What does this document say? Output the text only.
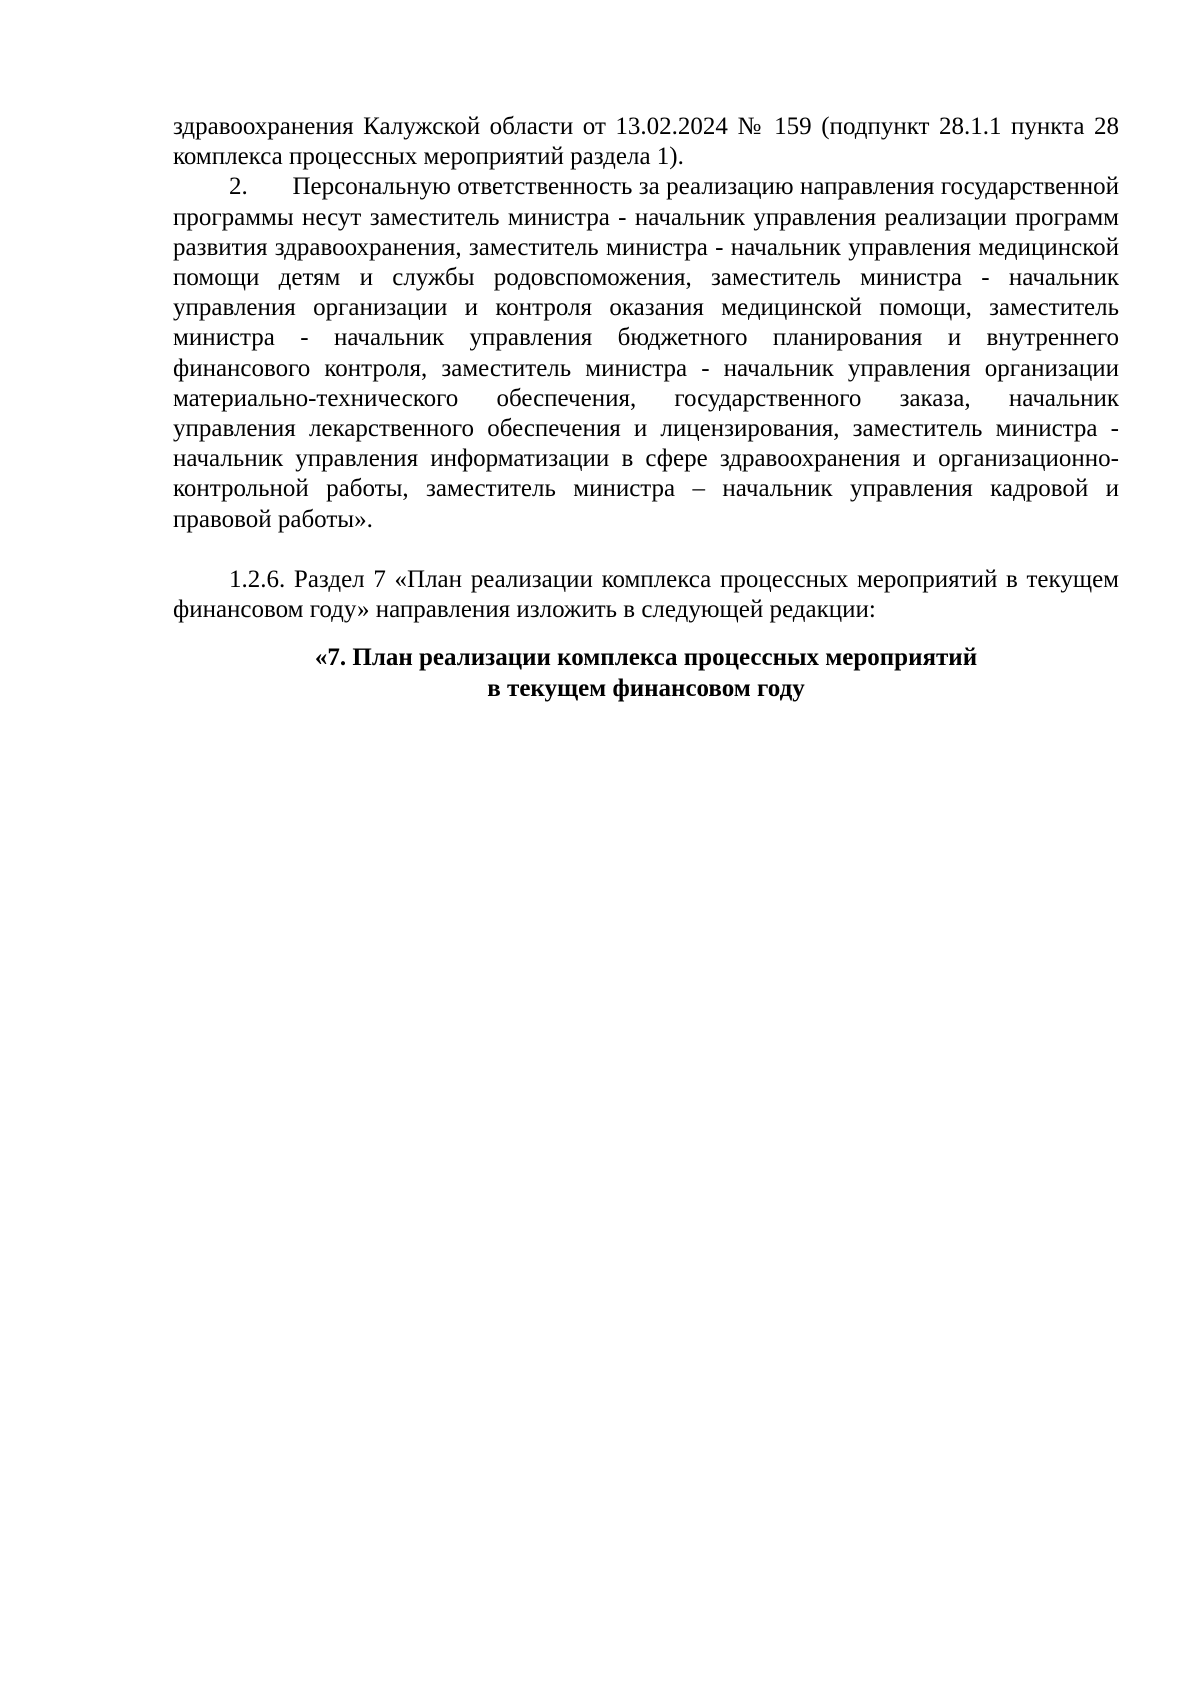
здравоохранения Калужской области от 13.02.2024 № 159 (подпункт 28.1.1 пункта 28 комплекса процессных мероприятий раздела 1).

2.       Персональную ответственность за реализацию направления государственной программы несут заместитель министра - начальник управления реализации программ развития здравоохранения, заместитель министра - начальник управления медицинской помощи детям и службы родовспоможения, заместитель министра - начальник управления организации и контроля оказания медицинской помощи, заместитель министра - начальник управления бюджетного планирования и внутреннего финансового контроля, заместитель министра - начальник управления организации материально-технического обеспечения, государственного заказа, начальник управления лекарственного обеспечения и лицензирования, заместитель министра - начальник управления информатизации в сфере здравоохранения и организационно-контрольной работы, заместитель министра – начальник управления кадровой и правовой работы».

1.2.6. Раздел 7 «План реализации комплекса процессных мероприятий в текущем финансовом году» направления изложить в следующей редакции:

«7. План реализации комплекса процессных мероприятий
в текущем финансовом году
